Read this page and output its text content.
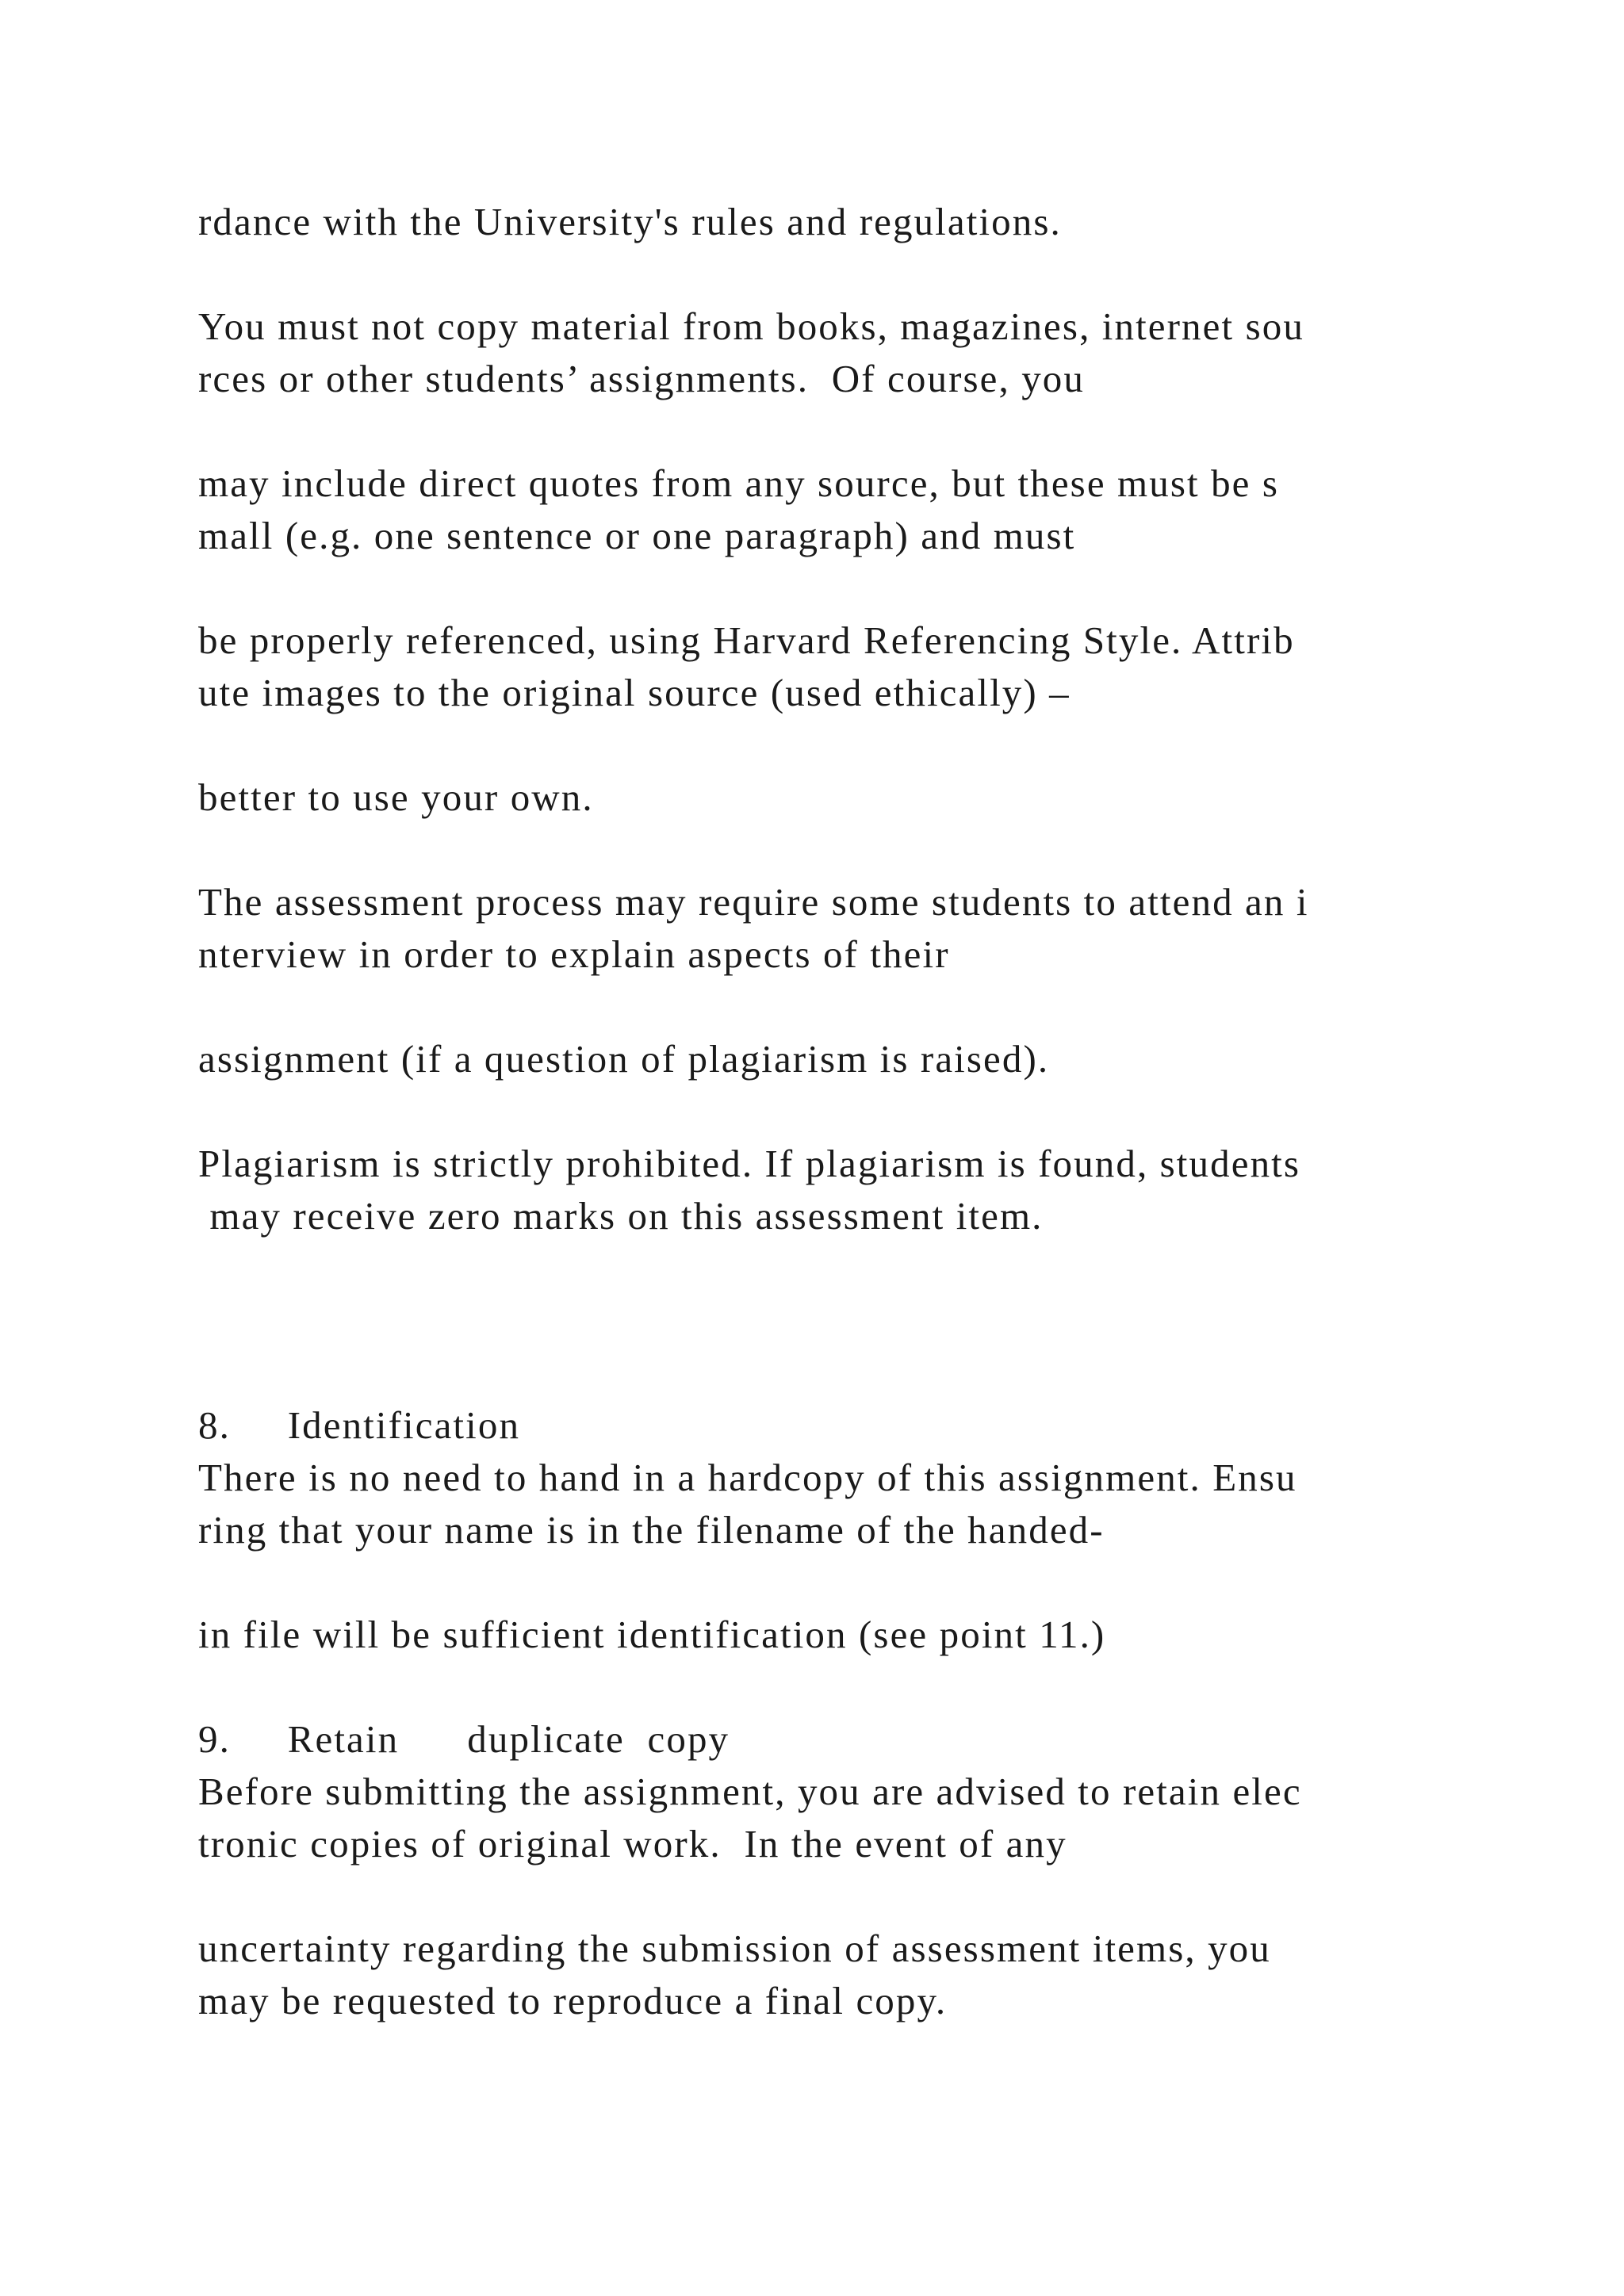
rdance with the University's rules and regulations.

You must not copy material from books, magazines, internet sou

rces or other students’ assignments.  Of course, you

may include direct quotes from any source, but these must be s

mall (e.g. one sentence or one paragraph) and must

be properly referenced, using Harvard Referencing Style. Attrib

ute images to the original source (used ethically) –

better to use your own.

The assessment process may require some students to attend an i

nterview in order to explain aspects of their

assignment (if a question of plagiarism is raised).

Plagiarism is strictly prohibited. If plagiarism is found, students

may receive zero marks on this assessment item.

8.     Identification

There is no need to hand in a hardcopy of this assignment. Ensu

ring that your name is in the filename of the handed-

in file will be sufficient identification (see point 11.)

9.     Retain      duplicate  copy

Before submitting the assignment, you are advised to retain elec

tronic copies of original work.  In the event of any

uncertainty regarding the submission of assessment items, you

may be requested to reproduce a final copy.
